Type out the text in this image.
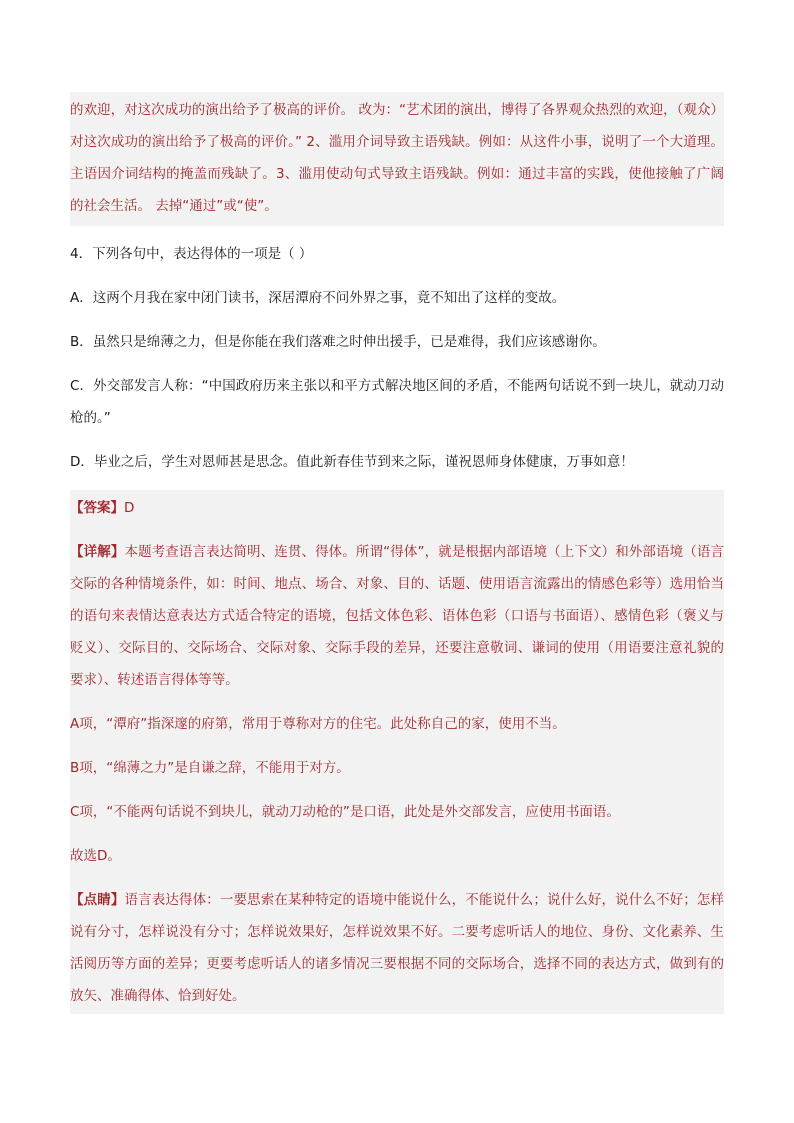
的欢迎，对这次成功的演出给予了极高的评价。 改为：“艺术团的演出，博得了各界观众热烈的欢迎，（观众）对这次成功的演出给予了极高的评价。” 2、滥用介词导致主语残缺。例如：从这件小事，说明了一个大道理。 主语因介词结构的掩盖而残缺了。3、滥用使动句式导致主语残缺。例如：通过丰富的实践，使他接触了广阔的社会生活。 去掉“通过”或“使”。

4．下列各句中，表达得体的一项是（ ）

A．这两个月我在家中闭门读书，深居潭府不问外界之事，竟不知出了这样的变故。

B．虽然只是绵薄之力，但是你能在我们落难之时伸出援手，已是难得，我们应该感谢你。

C．外交部发言人称：“中国政府历来主张以和平方式解决地区间的矛盾，不能两句话说不到一块儿，就动刀动枪的。”

D．毕业之后，学生对恩师甚是思念。值此新春佳节到来之际，谨祝恩师身体健康，万事如意！

【答案】D

【详解】本题考查语言表达简明、连贯、得体。所谓“得体”，就是根据内部语境（上下文）和外部语境（语言交际的各种情境条件，如：时间、地点、场合、对象、目的、话题、使用语言流露出的情感色彩等）选用恰当的语句来表情达意表达方式适合特定的语境，包括文体色彩、语体色彩（口语与书面语）、感情色彩（褒义与贬义）、交际目的、交际场合、交际对象、交际手段的差异，还要注意敬词、谦词的使用（用语要注意礼貌的要求）、转述语言得体等等。

A项，“潭府”指深邃的府第，常用于尊称对方的住宅。此处称自己的家，使用不当。

B项，“绵薄之力”是自谦之辞，不能用于对方。

C项，“不能两句话说不到块儿，就动刀动枪的”是口语，此处是外交部发言，应使用书面语。

故选D。

【点睛】语言表达得体：一要思索在某种特定的语境中能说什么，不能说什么；说什么好，说什么不好；怎样说有分寸，怎样说没有分寸；怎样说效果好，怎样说效果不好。二要考虑听话人的地位、身份、文化素养、生活阅历等方面的差异；更要考虑听话人的诸多情况三要根据不同的交际场合，选择不同的表达方式，做到有的放矢、准确得体、恰到好处。
